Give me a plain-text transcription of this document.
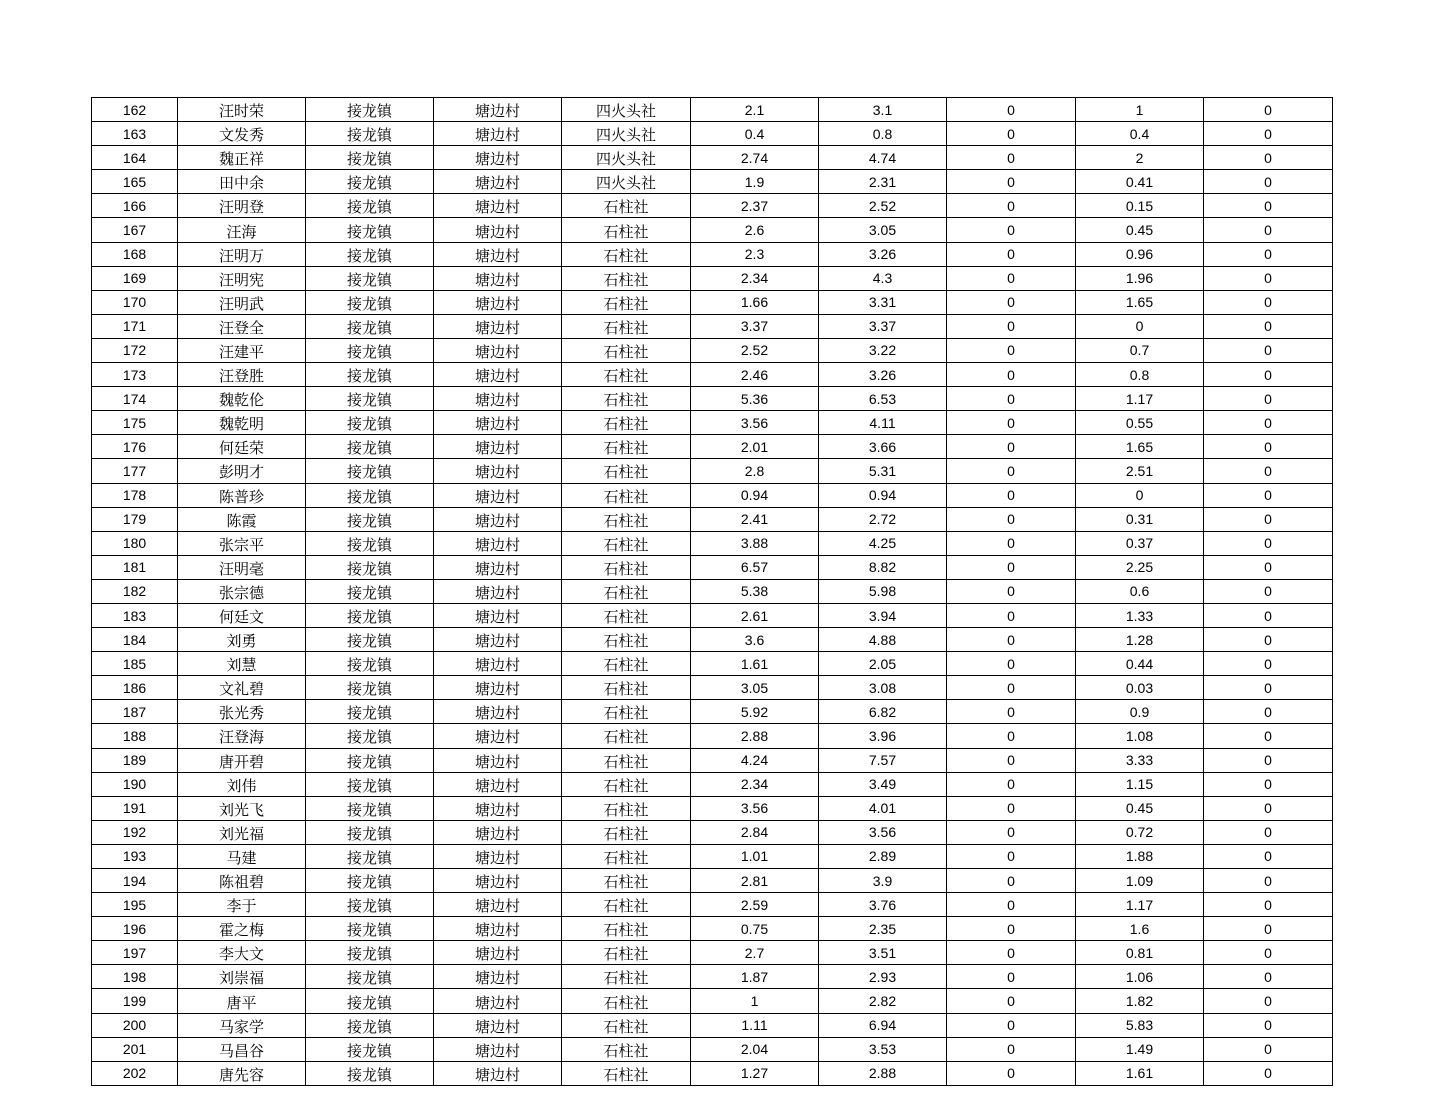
162	汪时荣	接龙镇	塘边村	四火头社	2.1	3.1	0	1	0
163	文发秀	接龙镇	塘边村	四火头社	0.4	0.8	0	0.4	0
164	魏正祥	接龙镇	塘边村	四火头社	2.74	4.74	0	2	0
165	田中余	接龙镇	塘边村	四火头社	1.9	2.31	0	0.41	0
166	汪明登	接龙镇	塘边村	石柱社	2.37	2.52	0	0.15	0
167	汪海	接龙镇	塘边村	石柱社	2.6	3.05	0	0.45	0
168	汪明万	接龙镇	塘边村	石柱社	2.3	3.26	0	0.96	0
169	汪明宪	接龙镇	塘边村	石柱社	2.34	4.3	0	1.96	0
170	汪明武	接龙镇	塘边村	石柱社	1.66	3.31	0	1.65	0
171	汪登全	接龙镇	塘边村	石柱社	3.37	3.37	0	0	0
172	汪建平	接龙镇	塘边村	石柱社	2.52	3.22	0	0.7	0
173	汪登胜	接龙镇	塘边村	石柱社	2.46	3.26	0	0.8	0
174	魏乾伦	接龙镇	塘边村	石柱社	5.36	6.53	0	1.17	0
175	魏乾明	接龙镇	塘边村	石柱社	3.56	4.11	0	0.55	0
176	何廷荣	接龙镇	塘边村	石柱社	2.01	3.66	0	1.65	0
177	彭明才	接龙镇	塘边村	石柱社	2.8	5.31	0	2.51	0
178	陈普珍	接龙镇	塘边村	石柱社	0.94	0.94	0	0	0
179	陈霞	接龙镇	塘边村	石柱社	2.41	2.72	0	0.31	0
180	张宗平	接龙镇	塘边村	石柱社	3.88	4.25	0	0.37	0
181	汪明毫	接龙镇	塘边村	石柱社	6.57	8.82	0	2.25	0
182	张宗德	接龙镇	塘边村	石柱社	5.38	5.98	0	0.6	0
183	何廷文	接龙镇	塘边村	石柱社	2.61	3.94	0	1.33	0
184	刘勇	接龙镇	塘边村	石柱社	3.6	4.88	0	1.28	0
185	刘慧	接龙镇	塘边村	石柱社	1.61	2.05	0	0.44	0
186	文礼碧	接龙镇	塘边村	石柱社	3.05	3.08	0	0.03	0
187	张光秀	接龙镇	塘边村	石柱社	5.92	6.82	0	0.9	0
188	汪登海	接龙镇	塘边村	石柱社	2.88	3.96	0	1.08	0
189	唐开碧	接龙镇	塘边村	石柱社	4.24	7.57	0	3.33	0
190	刘伟	接龙镇	塘边村	石柱社	2.34	3.49	0	1.15	0
191	刘光飞	接龙镇	塘边村	石柱社	3.56	4.01	0	0.45	0
192	刘光福	接龙镇	塘边村	石柱社	2.84	3.56	0	0.72	0
193	马建	接龙镇	塘边村	石柱社	1.01	2.89	0	1.88	0
194	陈祖碧	接龙镇	塘边村	石柱社	2.81	3.9	0	1.09	0
195	李于	接龙镇	塘边村	石柱社	2.59	3.76	0	1.17	0
196	霍之梅	接龙镇	塘边村	石柱社	0.75	2.35	0	1.6	0
197	李大文	接龙镇	塘边村	石柱社	2.7	3.51	0	0.81	0
198	刘崇福	接龙镇	塘边村	石柱社	1.87	2.93	0	1.06	0
199	唐平	接龙镇	塘边村	石柱社	1	2.82	0	1.82	0
200	马家学	接龙镇	塘边村	石柱社	1.11	6.94	0	5.83	0
201	马昌谷	接龙镇	塘边村	石柱社	2.04	3.53	0	1.49	0
202	唐先容	接龙镇	塘边村	石柱社	1.27	2.88	0	1.61	0
